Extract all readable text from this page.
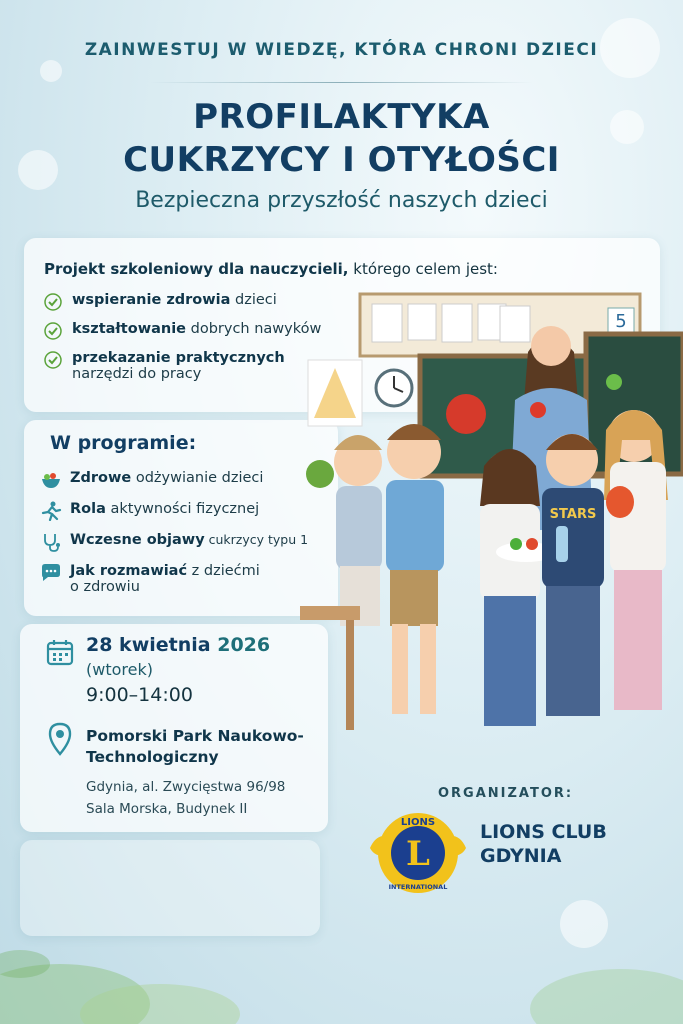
ZAINWESTUJ W WIEDZĘ, KTÓRA CHRONI DZIECI
PROFILAKTYKA
CUKRZYCY I OTYŁOŚCI
Bezpieczna przyszłość naszych dzieci
5
STARS
Projekt szkoleniowy dla nauczycieli, którego celem jest:
wspieranie zdrowia dzieci
kształtowanie dobrych nawyków
przekazanie praktycznych
narzędzi do pracy
W programie:
Zdrowe odżywianie dzieci
Rola aktywności fizycznej
Wczesne objawy cukrzycy typu 1
Jak rozmawiać z dziećmi
o zdrowiu
28 kwietnia 2026
(wtorek)
9:00–14:00
Pomorski Park Naukowo-
Technologiczny
Gdynia, al. Zwycięstwa 96/98
Sala Morska, Budynek II
ORGANIZATOR:
L
LIONS
INTERNATIONAL
LIONS CLUB
GDYNIA
